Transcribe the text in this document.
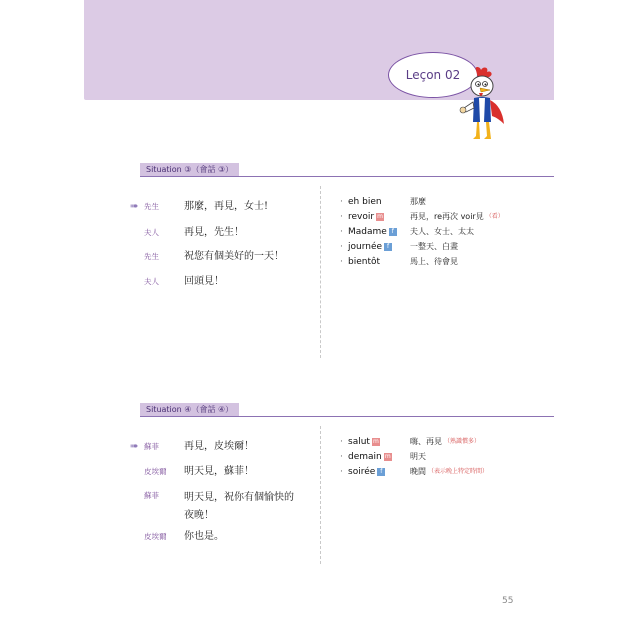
Leçon 02
Situation ③（會話 ③）
➠ 先生	那麼，再見，女士!
夫人	再見，先生！
先生	祝您有個美好的一天！
夫人	回頭見！
· eh bien	那麼
· revoir m	再見，re再次 voir見 （看）
· Madame f	夫人、女士、太太
· journée f	一整天、白晝
· bientôt	馬上、待會見
Situation ④（會話 ④）
➠ 蘇菲	再見，皮埃爾！
皮埃爾	明天見，蘇菲！
蘇菲	明天見，祝你有個愉快的夜晚！
皮埃爾	你也是。
· salut m	嗨、再見 （熟識慣多）
· demain m 明天
· soirée f	晚間 （表示晚上特定時間）
55
